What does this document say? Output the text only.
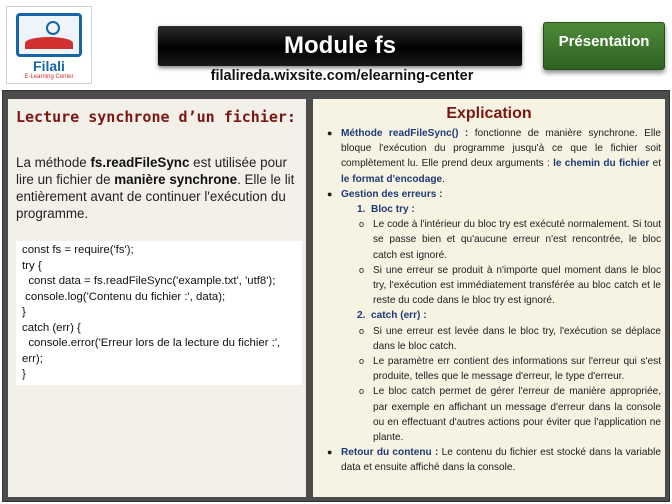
Filali
E-Learning Center
Module fs	Présentation
filalireda.wixsite.com/elearning-center
Lecture synchrone d’un fichier:
La méthode fs.readFileSync est utilisée pour lire un fichier de manière synchrone. Elle le lit entièrement avant de continuer l'exécution du programme.
const fs = require('fs');
try {
const data = fs.readFileSync('example.txt', 'utf8');
console.log('Contenu du fichier :', data);
}
catch (err) {
console.error('Erreur lors de la lecture du fichier :',
err);
}
Explication
● Méthode readFileSync() : fonctionne de manière synchrone. Elle bloque l'exécution du programme jusqu'à ce que le fichier soit complètement lu. Elle prend deux arguments : le chemin du fichier et le format d'encodage.
● Gestion des erreurs :
1. Bloc try :
o Le code à l'intérieur du bloc try est exécuté normalement. Si tout se passe bien et qu'aucune erreur n'est rencontrée, le bloc catch est ignoré.
o Si une erreur se produit à n'importe quel moment dans le bloc try, l'exécution est immédiatement transférée au bloc catch et le reste du code dans le bloc try est ignoré.
2. catch (err) :
o Si une erreur est levée dans le bloc try, l'exécution se déplace dans le bloc catch.
o Le paramètre err contient des informations sur l'erreur qui s'est produite, telles que le message d'erreur, le type d'erreur.
o Le bloc catch permet de gérer l'erreur de manière appropriée, par exemple en affichant un message d'erreur dans la console ou en effectuant d'autres actions pour éviter que l'application ne plante.
● Retour du contenu : Le contenu du fichier est stocké dans la variable data et ensuite affiché dans la console.
